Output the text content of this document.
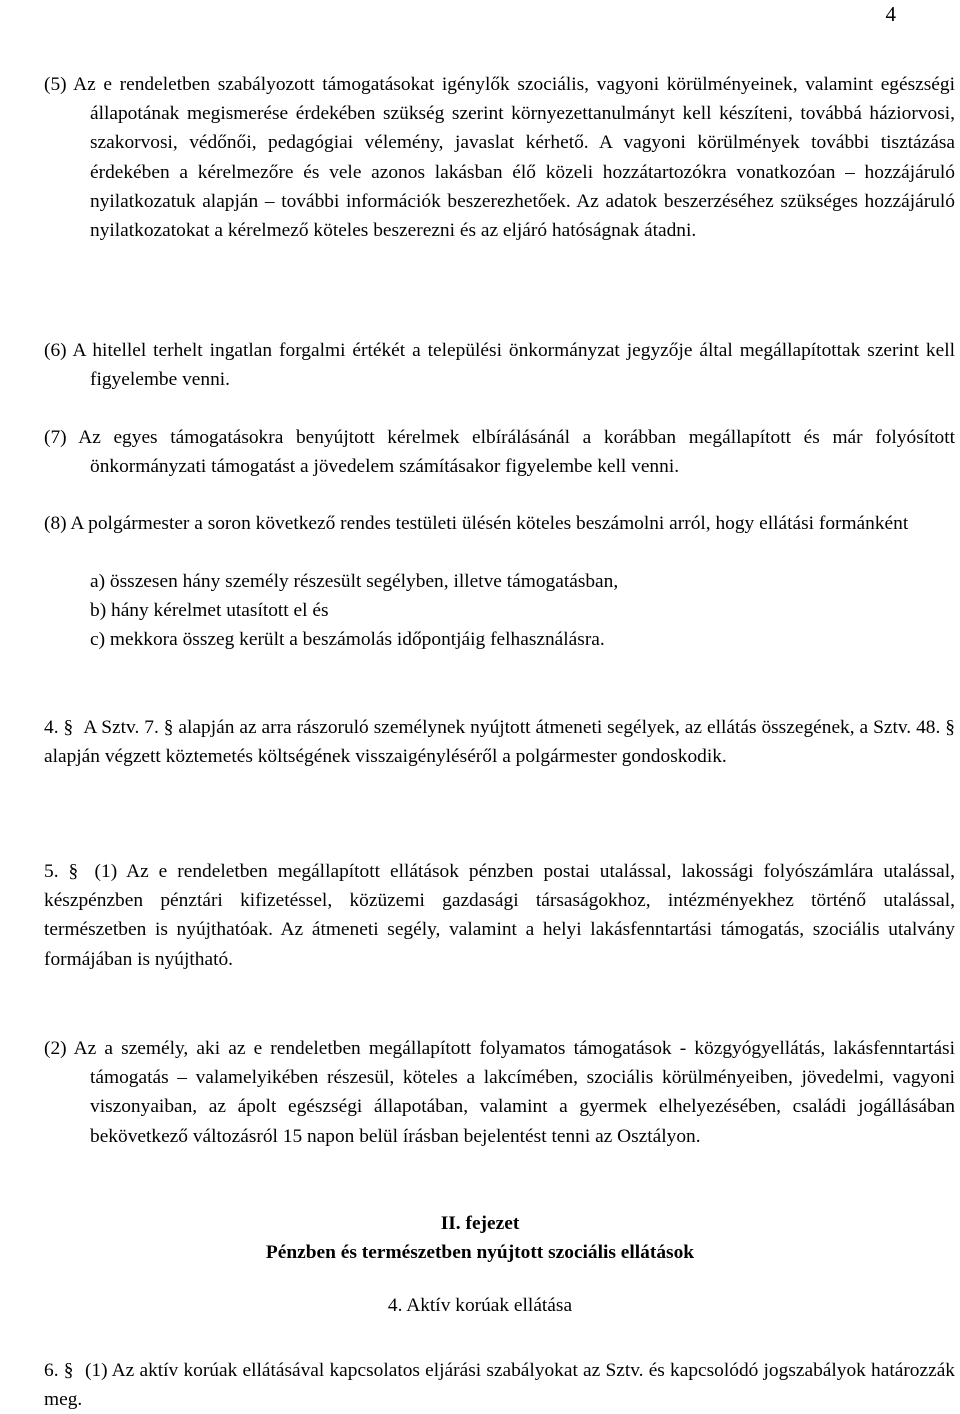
4
(5) Az e rendeletben szabályozott támogatásokat igénylők szociális, vagyoni körülményeinek, valamint egészségi állapotának megismerése érdekében szükség szerint környezettanulmányt kell készíteni, továbbá háziorvosi, szakorvosi, védőnői, pedagógiai vélemény, javaslat kérhető. A vagyoni körülmények további tisztázása érdekében a kérelmezőre és vele azonos lakásban élő közeli hozzátartozókra vonatkozóan – hozzájáruló nyilatkozatuk alapján – további információk beszerezhetőek. Az adatok beszerzéséhez szükséges hozzájáruló nyilatkozatokat a kérelmező köteles beszerezni és az eljáró hatóságnak átadni.
(6) A hitellel terhelt ingatlan forgalmi értékét a települési önkormányzat jegyzője által megállapítottak szerint kell figyelembe venni.
(7) Az egyes támogatásokra benyújtott kérelmek elbírálásánál a korábban megállapított és már folyósított önkormányzati támogatást a jövedelem számításakor figyelembe kell venni.
(8) A polgármester a soron következő rendes testületi ülésén köteles beszámolni arról, hogy ellátási formánként
a) összesen hány személy részesült segélyben, illetve támogatásban,
b) hány kérelmet utasított el és
c) mekkora összeg került a beszámolás időpontjáig felhasználásra.
4. § A Sztv. 7. § alapján az arra rászoruló személynek nyújtott átmeneti segélyek, az ellátás összegének, a Sztv. 48. § alapján végzett köztemetés költségének visszaigényléséről a polgármester gondoskodik.
5. § (1) Az e rendeletben megállapított ellátások pénzben postai utalással, lakossági folyószámlára utalással, készpénzben pénztári kifizetéssel, közüzemi gazdasági társaságokhoz, intézményekhez történő utalással, természetben is nyújthatóak. Az átmeneti segély, valamint a helyi lakásfenntartási támogatás, szociális utalvány formájában is nyújtható.
(2) Az a személy, aki az e rendeletben megállapított folyamatos támogatások - közgyógyellátás, lakásfenntartási támogatás – valamelyikében részesül, köteles a lakcímében, szociális körülményeiben, jövedelmi, vagyoni viszonyaiban, az ápolt egészségi állapotában, valamint a gyermek elhelyezésében, családi jogállásában bekövetkező változásról 15 napon belül írásban bejelentést tenni az Osztályon.
II. fejezet
Pénzben és természetben nyújtott szociális ellátások
4. Aktív korúak ellátása
6. § (1) Az aktív korúak ellátásával kapcsolatos eljárási szabályokat az Sztv. és kapcsolódó jogszabályok határozzák meg.
